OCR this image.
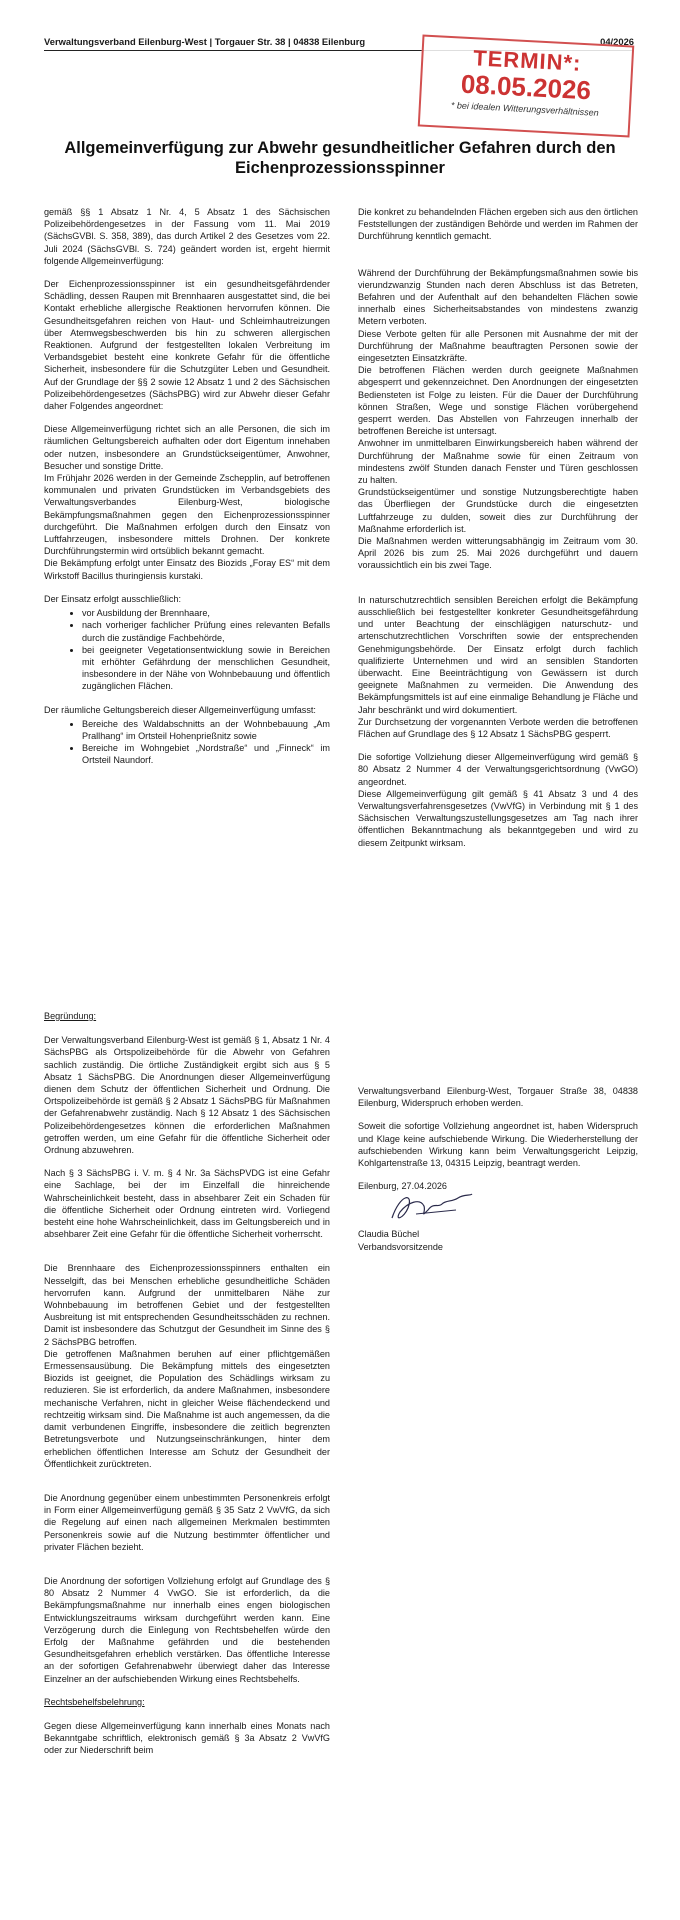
Verwaltungsverband Eilenburg-West | Torgauer Str. 38 | 04838 Eilenburg	04/2026
TERMIN*:
08.05.2026
* bei idealen Witterungsverhältnissen
Allgemeinverfügung zur Abwehr gesundheitlicher Gefahren durch den Eichenprozessionsspinner

gemäß §§ 1 Absatz 1 Nr. 4, 5 Absatz 1 des Sächsischen Polizeibehördengesetzes in der Fassung vom 11. Mai 2019 (SächsGVBl. S. 358, 389), das durch Artikel 2 des Gesetzes vom 22. Juli 2024 (SächsGVBl. S. 724) geändert worden ist, ergeht hiermit folgende Allgemeinverfügung:

Der Eichenprozessionsspinner ist ein gesundheitsgefährdender Schädling, dessen Raupen mit Brennhaaren ausgestattet sind, die bei Kontakt erhebliche allergische Reaktionen hervorrufen können. Die Gesundheitsgefahren reichen von Haut- und Schleimhautreizungen über Atemwegsbeschwerden bis hin zu schweren allergischen Reaktionen. Aufgrund der festgestellten lokalen Verbreitung im Verbandsgebiet besteht eine konkrete Gefahr für die öffentliche Sicherheit, insbesondere für die Schutzgüter Leben und Gesundheit. Auf der Grundlage der §§ 2 sowie 12 Absatz 1 und 2 des Sächsischen Polizeibehördengesetzes (SächsPBG) wird zur Abwehr dieser Gefahr daher Folgendes angeordnet:

Diese Allgemeinverfügung richtet sich an alle Personen, die sich im räumlichen Geltungsbereich aufhalten oder dort Eigentum innehaben oder nutzen, insbesondere an Grundstückseigentümer, Anwohner, Besucher und sonstige Dritte.

Im Frühjahr 2026 werden in der Gemeinde Zschepplin, auf betroffenen kommunalen und privaten Grundstücken im Verbandsgebiets des Verwaltungsverbandes Eilenburg-West, biologische Bekämpfungsmaßnahmen gegen den Eichenprozessionsspinner durchgeführt. Die Maßnahmen erfolgen durch den Einsatz von Luftfahrzeugen, insbesondere mittels Drohnen. Der konkrete Durchführungstermin wird ortsüblich bekannt gemacht.

Die Bekämpfung erfolgt unter Einsatz des Biozids „Foray ES“ mit dem Wirkstoff Bacillus thuringiensis kurstaki.

Der Einsatz erfolgt ausschließlich:

• vor Ausbildung der Brennhaare,
• nach vorheriger fachlicher Prüfung eines relevanten Befalls durch die zuständige Fachbehörde,
• bei geeigneter Vegetationsentwicklung sowie in Bereichen mit erhöhter Gefährdung der menschlichen Gesundheit, insbesondere in der Nähe von Wohnbebauung und öffentlich zugänglichen Flächen.

Der räumliche Geltungsbereich dieser Allgemeinverfügung umfasst:

• Bereiche des Waldabschnitts an der Wohnbebauung „Am Prallhang“ im Ortsteil Hohenprießnitz sowie
• Bereiche im Wohngebiet „Nordstraße“ und „Finneck“ im Ortsteil Naundorf.

Die konkret zu behandelnden Flächen ergeben sich aus den örtlichen Feststellungen der zuständigen Behörde und werden im Rahmen der Durchführung kenntlich gemacht.

Während der Durchführung der Bekämpfungsmaßnahmen sowie bis vierundzwanzig Stunden nach deren Abschluss ist das Betreten, Befahren und der Aufenthalt auf den behandelten Flächen sowie innerhalb eines Sicherheitsabstandes von mindestens zwanzig Metern verboten.

Diese Verbote gelten für alle Personen mit Ausnahme der mit der Durchführung der Maßnahme beauftragten Personen sowie der eingesetzten Einsatzkräfte.

Die betroffenen Flächen werden durch geeignete Maßnahmen abgesperrt und gekennzeichnet. Den Anordnungen der eingesetzten Bediensteten ist Folge zu leisten. Für die Dauer der Durchführung können Straßen, Wege und sonstige Flächen vorübergehend gesperrt werden. Das Abstellen von Fahrzeugen innerhalb der betroffenen Bereiche ist untersagt.

Anwohner im unmittelbaren Einwirkungsbereich haben während der Durchführung der Maßnahme sowie für einen Zeitraum von mindestens zwölf Stunden danach Fenster und Türen geschlossen zu halten.

Grundstückseigentümer und sonstige Nutzungsberechtigte haben das Überfliegen der Grundstücke durch die eingesetzten Luftfahrzeuge zu dulden, soweit dies zur Durchführung der Maßnahme erforderlich ist.

Die Maßnahmen werden witterungsabhängig im Zeitraum vom 30. April 2026 bis zum 25. Mai 2026 durchgeführt und dauern voraussichtlich ein bis zwei Tage.

In naturschutzrechtlich sensiblen Bereichen erfolgt die Bekämpfung ausschließlich bei festgestellter konkreter Gesundheitsgefährdung und unter Beachtung der einschlägigen naturschutz- und artenschutzrechtlichen Vorschriften sowie der entsprechenden Genehmigungsbehörde. Der Einsatz erfolgt durch fachlich qualifizierte Unternehmen und wird an sensiblen Standorten überwacht. Eine Beeinträchtigung von Gewässern ist durch geeignete Maßnahmen zu vermeiden. Die Anwendung des Bekämpfungsmittels ist auf eine einmalige Behandlung je Fläche und Jahr beschränkt und wird dokumentiert.

Zur Durchsetzung der vorgenannten Verbote werden die betroffenen Flächen auf Grundlage des § 12 Absatz 1 SächsPBG gesperrt.

Die sofortige Vollziehung dieser Allgemeinverfügung wird gemäß § 80 Absatz 2 Nummer 4 der Verwaltungsgerichtsordnung (VwGO) angeordnet.

Diese Allgemeinverfügung gilt gemäß § 41 Absatz 3 und 4 des Verwaltungsverfahrensgesetzes (VwVfG) in Verbindung mit § 1 des Sächsischen Verwaltungszustellungsgesetzes am Tag nach ihrer öffentlichen Bekanntmachung als bekanntgegeben und wird zu diesem Zeitpunkt wirksam.

Begründung:

Der Verwaltungsverband Eilenburg-West ist gemäß § 1, Absatz 1 Nr. 4 SächsPBG als Ortspolizeibehörde für die Abwehr von Gefahren sachlich zuständig. Die örtliche Zuständigkeit ergibt sich aus § 5 Absatz 1 SächsPBG. Die Anordnungen dieser Allgemeinverfügung dienen dem Schutz der öffentlichen Sicherheit und Ordnung. Die Ortspolizeibehörde ist gemäß § 2 Absatz 1 SächsPBG für Maßnahmen der Gefahrenabwehr zuständig. Nach § 12 Absatz 1 des Sächsischen Polizeibehördengesetzes können die erforderlichen Maßnahmen getroffen werden, um eine Gefahr für die öffentliche Sicherheit oder Ordnung abzuwehren.

Nach § 3 SächsPBG i. V. m. § 4 Nr. 3a SächsPVDG ist eine Gefahr eine Sachlage, bei der im Einzelfall die hinreichende Wahrscheinlichkeit besteht, dass in absehbarer Zeit ein Schaden für die öffentliche Sicherheit oder Ordnung eintreten wird. Vorliegend besteht eine hohe Wahrscheinlichkeit, dass im Geltungsbereich und in absehbarer Zeit eine Gefahr für die öffentliche Sicherheit vorherrscht.

Die Brennhaare des Eichenprozessionsspinners enthalten ein Nesselgift, das bei Menschen erhebliche gesundheitliche Schäden hervorrufen kann. Aufgrund der unmittelbaren Nähe zur Wohnbebauung im betroffenen Gebiet und der festgestellten Ausbreitung ist mit entsprechenden Gesundheitsschäden zu rechnen. Damit ist insbesondere das Schutzgut der Gesundheit im Sinne des § 2 SächsPBG betroffen.

Die getroffenen Maßnahmen beruhen auf einer pflichtgemäßen Ermessensausübung. Die Bekämpfung mittels des eingesetzten Biozids ist geeignet, die Population des Schädlings wirksam zu reduzieren. Sie ist erforderlich, da andere Maßnahmen, insbesondere mechanische Verfahren, nicht in gleicher Weise flächendeckend und rechtzeitig wirksam sind. Die Maßnahme ist auch angemessen, da die damit verbundenen Eingriffe, insbesondere die zeitlich begrenzten Betretungsverbote und Nutzungseinschränkungen, hinter dem erheblichen öffentlichen Interesse am Schutz der Gesundheit der Öffentlichkeit zurücktreten.

Die Anordnung gegenüber einem unbestimmten Personenkreis erfolgt in Form einer Allgemeinverfügung gemäß § 35 Satz 2 VwVfG, da sich die Regelung auf einen nach allgemeinen Merkmalen bestimmten Personenkreis sowie auf die Nutzung bestimmter öffentlicher und privater Flächen bezieht.

Die Anordnung der sofortigen Vollziehung erfolgt auf Grundlage des § 80 Absatz 2 Nummer 4 VwGO. Sie ist erforderlich, da die Bekämpfungsmaßnahme nur innerhalb eines engen biologischen Entwicklungszeitraums wirksam durchgeführt werden kann. Eine Verzögerung durch die Einlegung von Rechtsbehelfen würde den Erfolg der Maßnahme gefährden und die bestehenden Gesundheitsgefahren erheblich verstärken. Das öffentliche Interesse an der sofortigen Gefahrenabwehr überwiegt daher das Interesse Einzelner an der aufschiebenden Wirkung eines Rechtsbehelfs.

Rechtsbehelfsbelehrung:

Gegen diese Allgemeinverfügung kann innerhalb eines Monats nach Bekanntgabe schriftlich, elektronisch gemäß § 3a Absatz 2 VwVfG oder zur Niederschrift beim

Verwaltungsverband Eilenburg-West, Torgauer Straße 38, 04838 Eilenburg, Widerspruch erhoben werden.

Soweit die sofortige Vollziehung angeordnet ist, haben Widerspruch und Klage keine aufschiebende Wirkung. Die Wiederherstellung der aufschiebenden Wirkung kann beim Verwaltungsgericht Leipzig, Kohlgartenstraße 13, 04315 Leipzig, beantragt werden.

Eilenburg, 27.04.2026

Claudia Büchel
Verbandsvorsitzende
